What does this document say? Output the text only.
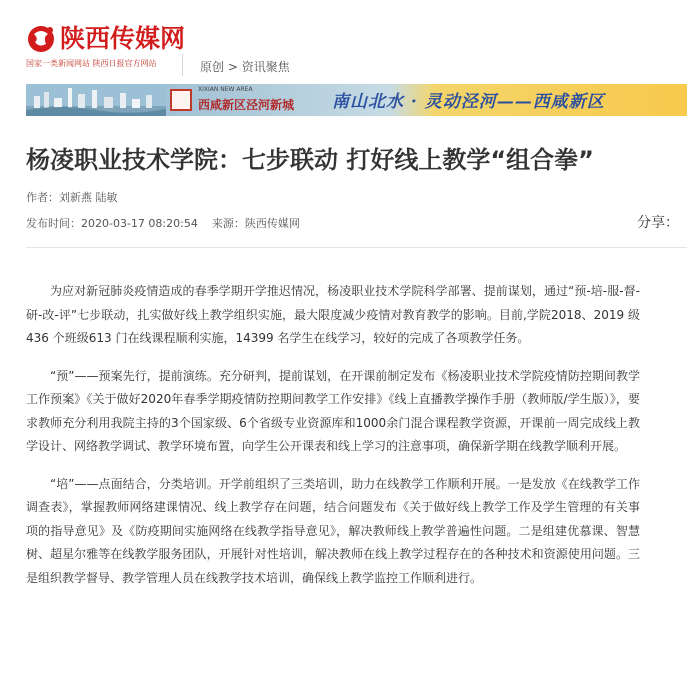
陕西传媒网
国家一类新闻网站 陕西日报官方网站	原创 > 资讯聚焦
XIXIAN NEW AREA
西咸新区泾河新城 南山北水 · 灵动泾河——西咸新区
杨凌职业技术学院：七步联动 打好线上教学“组合拳”
作者：刘新燕 陆敏
发布时间：2020-03-17 08:20:54 来源：陕西传媒网	分享：

为应对新冠肺炎疫情造成的春季学期开学推迟情况，杨凌职业技术学院科学部署、提前谋划，通过“预-培-服-督-研-改-评”七步联动，扎实做好线上教学组织实施，最大限度减少疫情对教育教学的影响。目前,学院2018、2019 级436 个班级613 门在线课程顺利实施，14399 名学生在线学习，较好的完成了各项教学任务。

“预”——预案先行，提前演练。充分研判，提前谋划，在开课前制定发布《杨凌职业技术学院疫情防控期间教学工作预案》《关于做好2020年春季学期疫情防控期间教学工作安排》《线上直播教学操作手册（教师版/学生版）》，要求教师充分利用我院主持的3个国家级、6个省级专业资源库和1000余门混合课程教学资源，开课前一周完成线上教学设计、网络教学调试、教学环境布置，向学生公开课表和线上学习的注意事项，确保新学期在线教学顺利开展。

“培”——点面结合，分类培训。开学前组织了三类培训，助力在线教学工作顺利开展。一是发放《在线教学工作调查表》，掌握教师网络建课情况、线上教学存在问题，结合问题发布《关于做好线上教学工作及学生管理的有关事项的指导意见》及《防疫期间实施网络在线教学指导意见》，解决教师线上教学普遍性问题。二是组建优慕课、智慧树、超星尔雅等在线教学服务团队，开展针对性培训，解决教师在线上教学过程存在的各种技术和资源使用问题。三是组织教学督导、教学管理人员在线教学技术培训，确保线上教学监控工作顺利进行。
